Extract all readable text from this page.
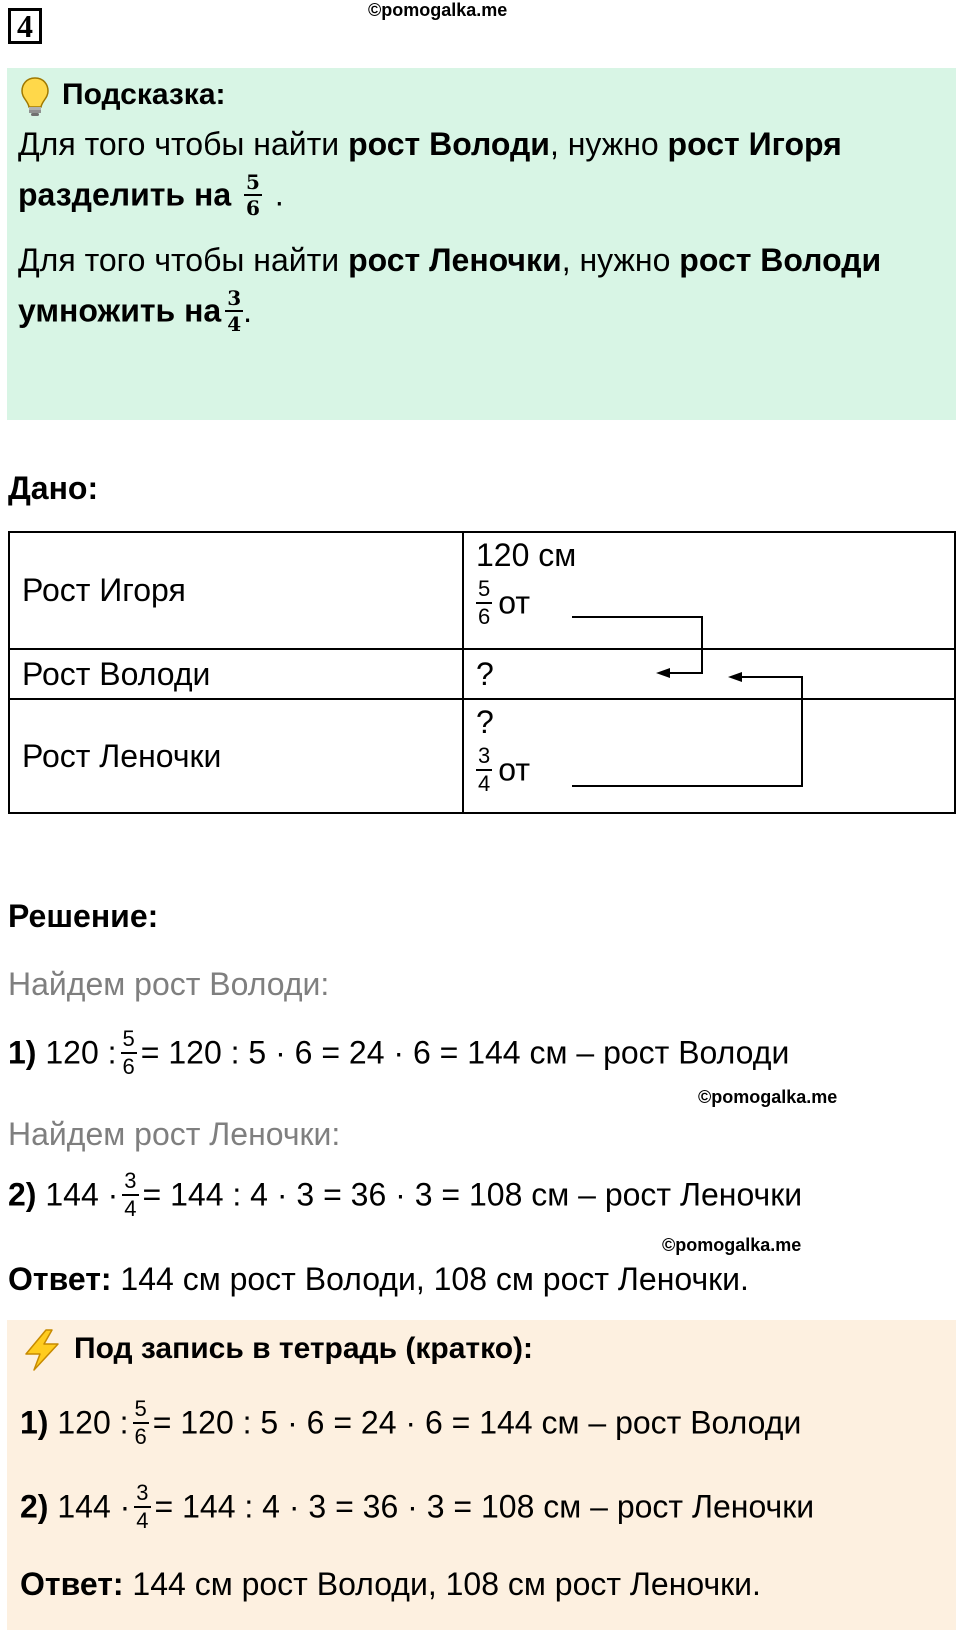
4	©pomogalka.me
Подсказка:
Для того чтобы найти рост Володи, нужно рост Игоря
разделить на $\frac{5}{6}$ .
Для того чтобы найти рост Леночки, нужно рост Володи
умножить на $\frac{3}{4}$ .
Дано:
Рост Игоря	120 см
$\frac{5}{6}$ от

Рост Володи	?
Рост Леночки	?
$\frac{3}{4}$ от
Решение:
Найдем рост Володи:
1) 120 : $\frac{5}{6} = 120$ : 5 · 6 = 24 · 6 = 144 см – рост Володи
©pomogalka.me
Найдем рост Леночки:
2) $144 \cdot \frac{3}{4} = 144$ : 4 · 3 = 36 · 3 = 108 см – рост Леночки
©pomogalka.me
Ответ: 144 см рост Володи, 108 см рост Леночки.
Под запись в тетрадь (кратко):
1) 120 : $\frac{5}{6} = 120$ : 5 · 6 = 24 · 6 = 144 см – рост Володи
2) $144 \cdot \frac{3}{4} = 144$ : 4 · 3 = 36 · 3 = 108 см – рост Леночки
Ответ: 144 см рост Володи, 108 см рост Леночки.
